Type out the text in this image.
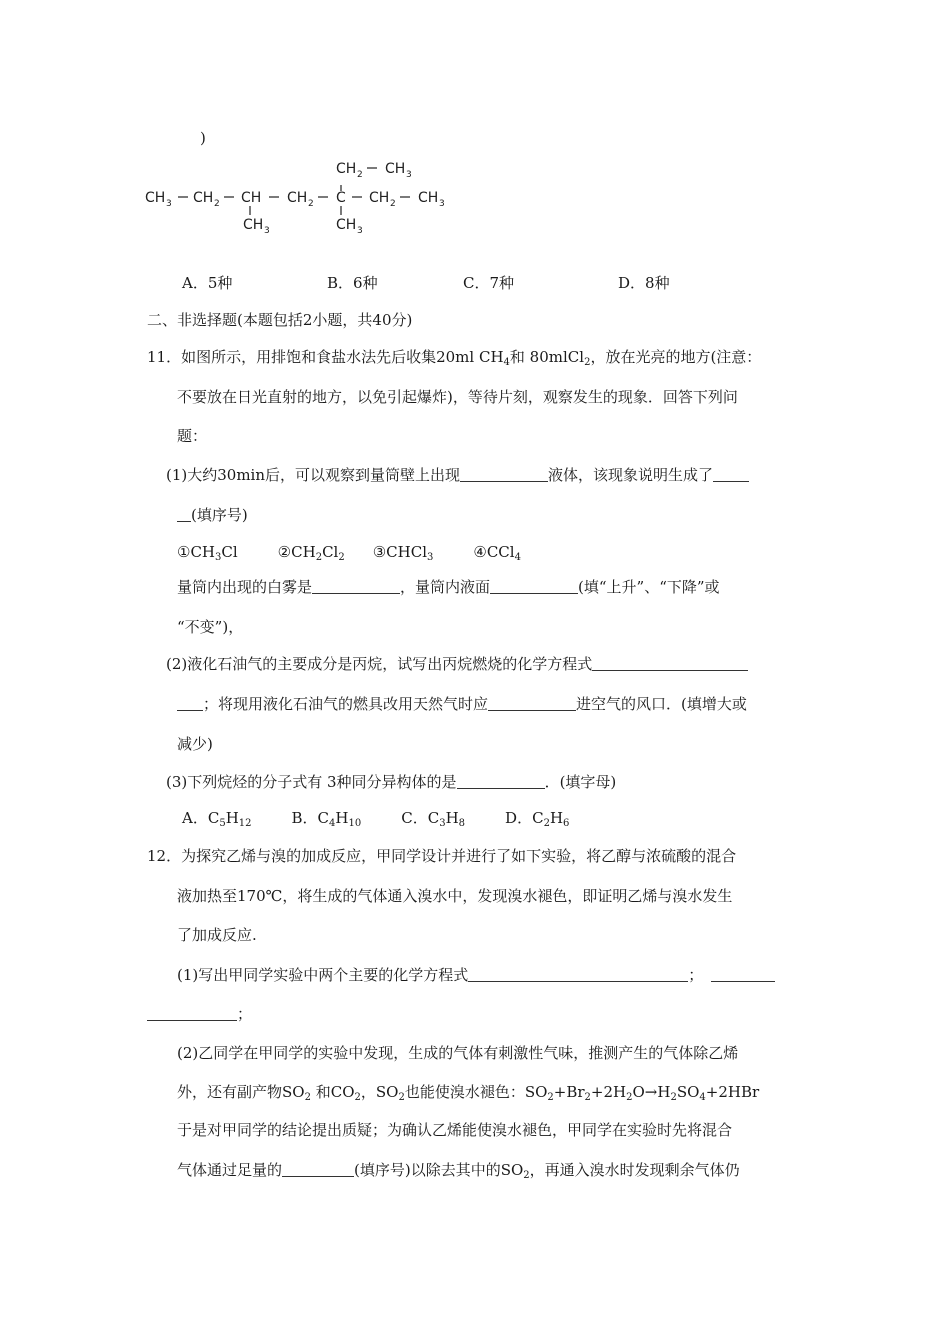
)
CH 3 CH 2 CH CH 2 C CH 2 CH 3
CH 3
CH 2 CH 3
CH 3
A．5种	B．6种	C．7种	D．8种
二、非选择题(本题包括2小题，共40分)
11．如图所示，用排饱和食盐水法先后收集20ml $CH_4$和 80mlCl$_2$，放在光亮的地方(注意：
不要放在日光直射的地方，以免引起爆炸)，等待片刻，观察发生的现象．回答下列问
题：
(1)大约30min后，可以观察到量筒壁上出现	液体，该现象说明生成了
(填序号)
$①CH_3Cl$	$②CH_2Cl_2$ ③CHCl$_3$	④CCl$_4$
量筒内出现的白雾是	，量筒内液面	(填“上升”、“下降”或
“不变”)，
(2)液化石油气的主要成分是丙烷，试写出丙烷燃烧的化学方程式
；将现用液化石油气的燃具改用天然气时应	进空气的风口．(填增大或
减少)
(3)下列烷烃的分子式有 3种同分异构体的是	．(填字母)
A．$C_5H_{12}$	B．$C_4H_{10}$	C．$C_3H_8$	D．$C_2H_6$
12．为探究乙烯与溴的加成反应，甲同学设计并进行了如下实验，将乙醇与浓硫酸的混合
液加热至170℃，将生成的气体通入溴水中，发现溴水褪色，即证明乙烯与溴水发生
了加成反应.
(1)写出甲同学实验中两个主要的化学方程式	；
；
(2)乙同学在甲同学的实验中发现，生成的气体有刺激性气味，推测产生的气体除乙烯
外，还有副产物$SO_2$ 和$CO_2$，$SO_2$也能使溴水褪色：$SO_2+Br_2+2H_2O\to H_2SO_4+2HBr$
于是对甲同学的结论提出质疑；为确认乙烯能使溴水褪色，甲同学在实验时先将混合
气体通过足量的	(填序号)以除去其中的$SO_2$，再通入溴水时发现剩余气体仍
